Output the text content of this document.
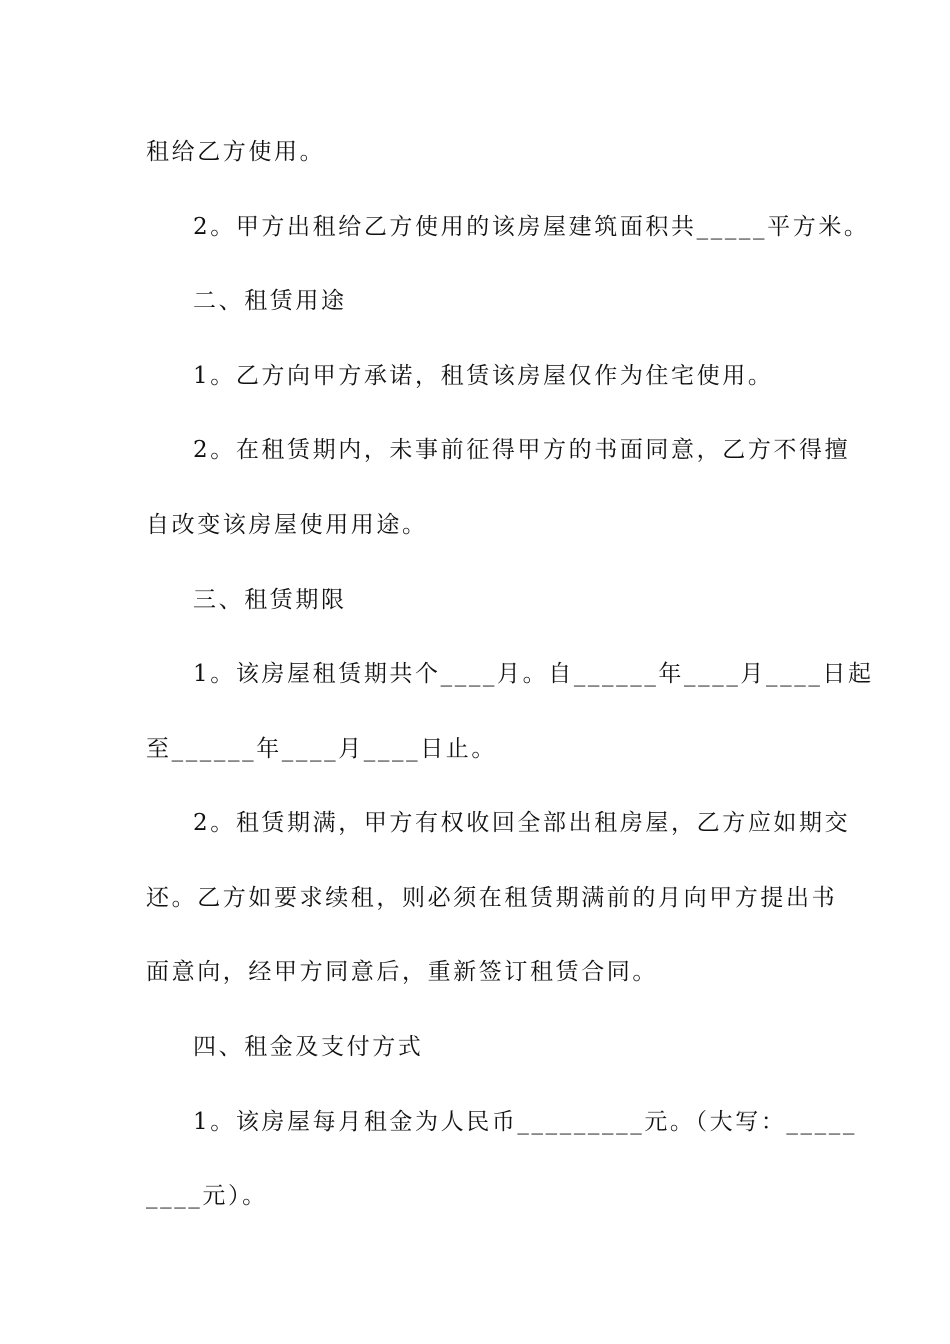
租给乙方使用。

2。甲方出租给乙方使用的该房屋建筑面积共_____平方米。

二、租赁用途

1。乙方向甲方承诺，租赁该房屋仅作为住宅使用。

2。在租赁期内，未事前征得甲方的书面同意，乙方不得擅

自改变该房屋使用用途。

三、租赁期限

1。该房屋租赁期共个____月。自______年____月____日起

至______年____月____日止。

2。租赁期满，甲方有权收回全部出租房屋，乙方应如期交

还。乙方如要求续租，则必须在租赁期满前的月向甲方提出书

面意向，经甲方同意后，重新签订租赁合同。

四、租金及支付方式

1。该房屋每月租金为人民币_________元。（大写：_____

____元）。
